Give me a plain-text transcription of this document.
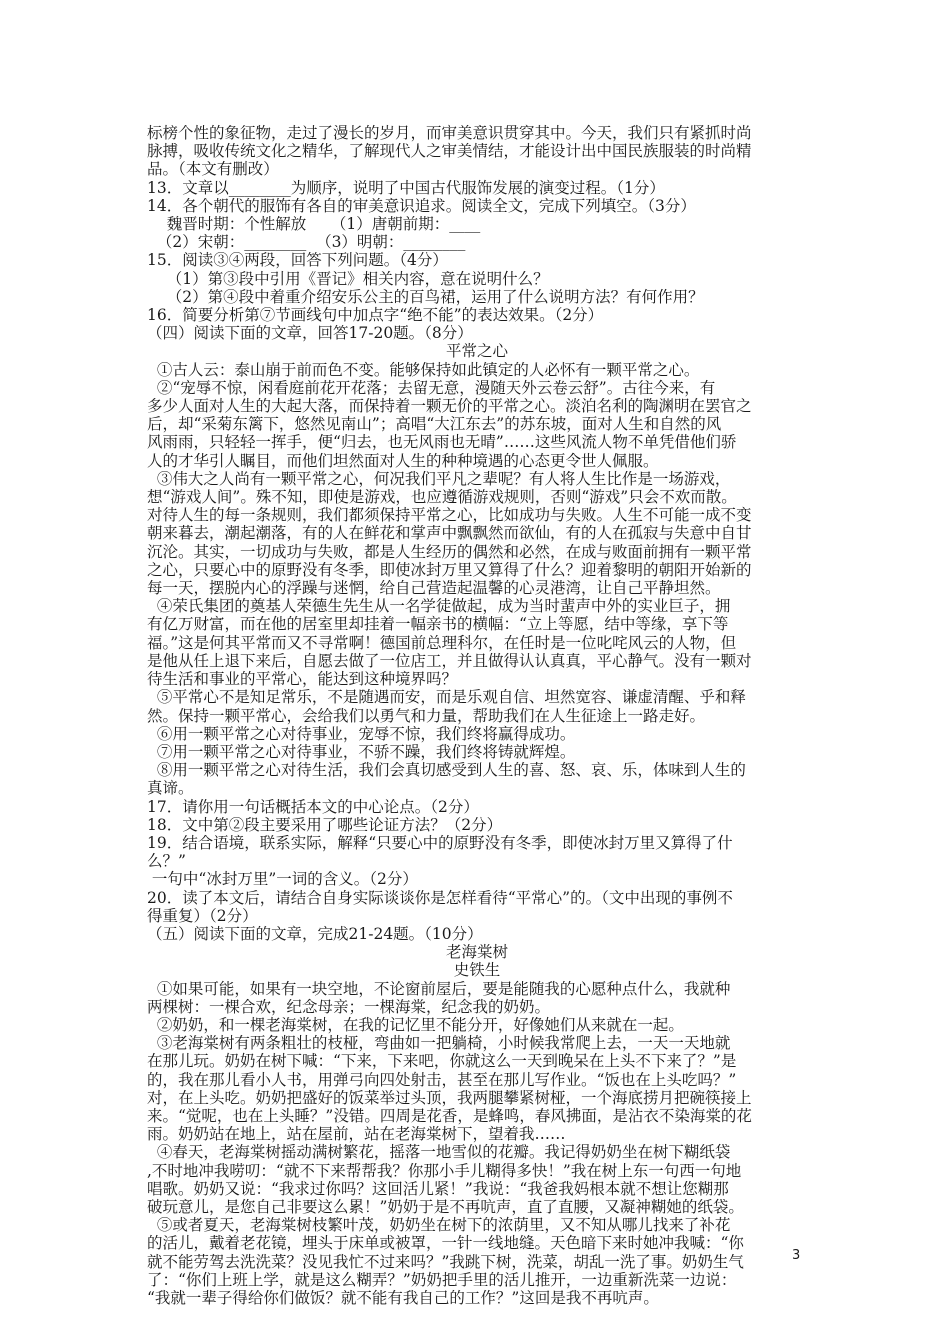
标榜个性的象征物，走过了漫长的岁月，而审美意识贯穿其中。今天，我们只有紧抓时尚
脉搏，吸收传统文化之精华，了解现代人之审美情结，才能设计出中国民族服装的时尚精
品。（本文有删改）
13．文章以________为顺序，说明了中国古代服饰发展的演变过程。（1分）
14．各个朝代的服饰有各自的审美意识追求。阅读全文，完成下列填空。（3分）
魏晋时期：个性解放     （1）唐朝前期：____
（2）宋朝：________  （3）明朝：________
15．阅读③④两段，回答下列问题。（4分）
（1）第③段中引用《晋记》相关内容，意在说明什么？
（2）第④段中着重介绍安乐公主的百鸟裙，运用了什么说明方法？有何作用？
16．简要分析第⑦节画线句中加点字“绝不能”的表达效果。（2分）
（四）阅读下面的文章，回答17-20题。（8分）
平常之心
①古人云：泰山崩于前而色不变。能够保持如此镇定的人必怀有一颗平常之心。
②“宠辱不惊，闲看庭前花开花落；去留无意，漫随天外云卷云舒”。古往今来，有
多少人面对人生的大起大落，而保持着一颗无价的平常之心。淡泊名利的陶渊明在罢官之
后，却“采菊东篱下，悠然见南山”；高唱“大江东去”的苏东坡，面对人生和自然的风
风雨雨，只轻轻一挥手，便“归去，也无风雨也无晴”……这些风流人物不单凭借他们骄
人的才华引人瞩目，而他们坦然面对人生的种种境遇的心态更令世人佩服。
③伟大之人尚有一颗平常之心，何况我们平凡之辈呢？有人将人生比作是一场游戏，
想“游戏人间”。殊不知，即使是游戏，也应遵循游戏规则，否则“游戏”只会不欢而散。
对待人生的每一条规则，我们都须保持平常之心，比如成功与失败。人生不可能一成不变
朝来暮去，潮起潮落，有的人在鲜花和掌声中飘飘然而欲仙，有的人在孤寂与失意中自甘
沉沦。其实，一切成功与失败，都是人生经历的偶然和必然，在成与败面前拥有一颗平常
之心，只要心中的原野没有冬季，即使冰封万里又算得了什么？迎着黎明的朝阳开始新的
每一天，摆脱内心的浮躁与迷惘，给自己营造起温馨的心灵港湾，让自己平静坦然。
④荣氏集团的奠基人荣德生先生从一名学徒做起，成为当时蜚声中外的实业巨子，拥
有亿万财富，而在他的居室里却挂着一幅亲书的横幅：“立上等愿，结中等缘，享下等
福。”这是何其平常而又不寻常啊！德国前总理科尔，在任时是一位叱咤风云的人物，但
是他从任上退下来后，自愿去做了一位店工，并且做得认认真真，平心静气。没有一颗对
待生活和事业的平常心，能达到这种境界吗？
⑤平常心不是知足常乐，不是随遇而安，而是乐观自信、坦然宽容、谦虚清醒、乎和释
然。保持一颗平常心，会给我们以勇气和力量，帮助我们在人生征途上一路走好。
⑥用一颗平常之心对待事业，宠辱不惊，我们终将赢得成功。
⑦用一颗平常之心对待事业，不骄不躁，我们终将铸就辉煌。
⑧用一颗平常之心对待生活，我们会真切感受到人生的喜、怒、哀、乐，体味到人生的
真谛。
17．请你用一句话概括本文的中心论点。（2分）
18．文中第②段主要采用了哪些论证方法？（2分）
19．结合语境，联系实际，解释“只要心中的原野没有冬季，即使冰封万里又算得了什
么？”
一句中“冰封万里”一词的含义。（2分）
20．读了本文后，请结合自身实际谈谈你是怎样看待“平常心”的。（文中出现的事例不
得重复）（2分）
（五）阅读下面的文章，完成21-24题。（10分）
老海棠树
史铁生
①如果可能，如果有一块空地，不论窗前屋后，要是能随我的心愿种点什么，我就种
两棵树：一棵合欢，纪念母亲；一棵海棠，纪念我的奶奶。
②奶奶，和一棵老海棠树，在我的记忆里不能分开，好像她们从来就在一起。
③老海棠树有两条粗壮的枝桠，弯曲如一把躺椅，小时候我常爬上去，一天一天地就
在那儿玩。奶奶在树下喊：“下来，下来吧，你就这么一天到晚呆在上头不下来了？”是
的，我在那儿看小人书，用弹弓向四处射击，甚至在那儿写作业。“饭也在上头吃吗？”
对，在上头吃。奶奶把盛好的饭菜举过头顶，我两腿攀紧树桠，一个海底捞月把碗筷接上
来。“觉呢，也在上头睡？”没错。四周是花香，是蜂鸣，春风拂面，是沾衣不染海棠的花
雨。奶奶站在地上，站在屋前，站在老海棠树下，望着我……
④春天，老海棠树摇动满树繁花，摇落一地雪似的花瓣。我记得奶奶坐在树下糊纸袋
,不时地冲我唠叨：“就不下来帮帮我？你那小手儿糊得多快！”我在树上东一句西一句地
唱歌。奶奶又说：“我求过你吗？这回活儿紧！”我说：“我爸我妈根本就不想让您糊那
破玩意儿，是您自己非要这么累！”奶奶于是不再吭声，直了直腰，又凝神糊她的纸袋。
⑤或者夏天，老海棠树枝繁叶茂，奶奶坐在树下的浓荫里，又不知从哪儿找来了补花
的活儿，戴着老花镜，埋头于床单或被罩，一针一线地缝。天色暗下来时她冲我喊：“你
就不能劳驾去洗洗菜？没见我忙不过来吗？”我跳下树，洗菜，胡乱一洗了事。奶奶生气
了：“你们上班上学，就是这么糊弄？”奶奶把手里的活儿推开，一边重新洗菜一边说：
“我就一辈子得给你们做饭？就不能有我自己的工作？”这回是我不再吭声。
3
